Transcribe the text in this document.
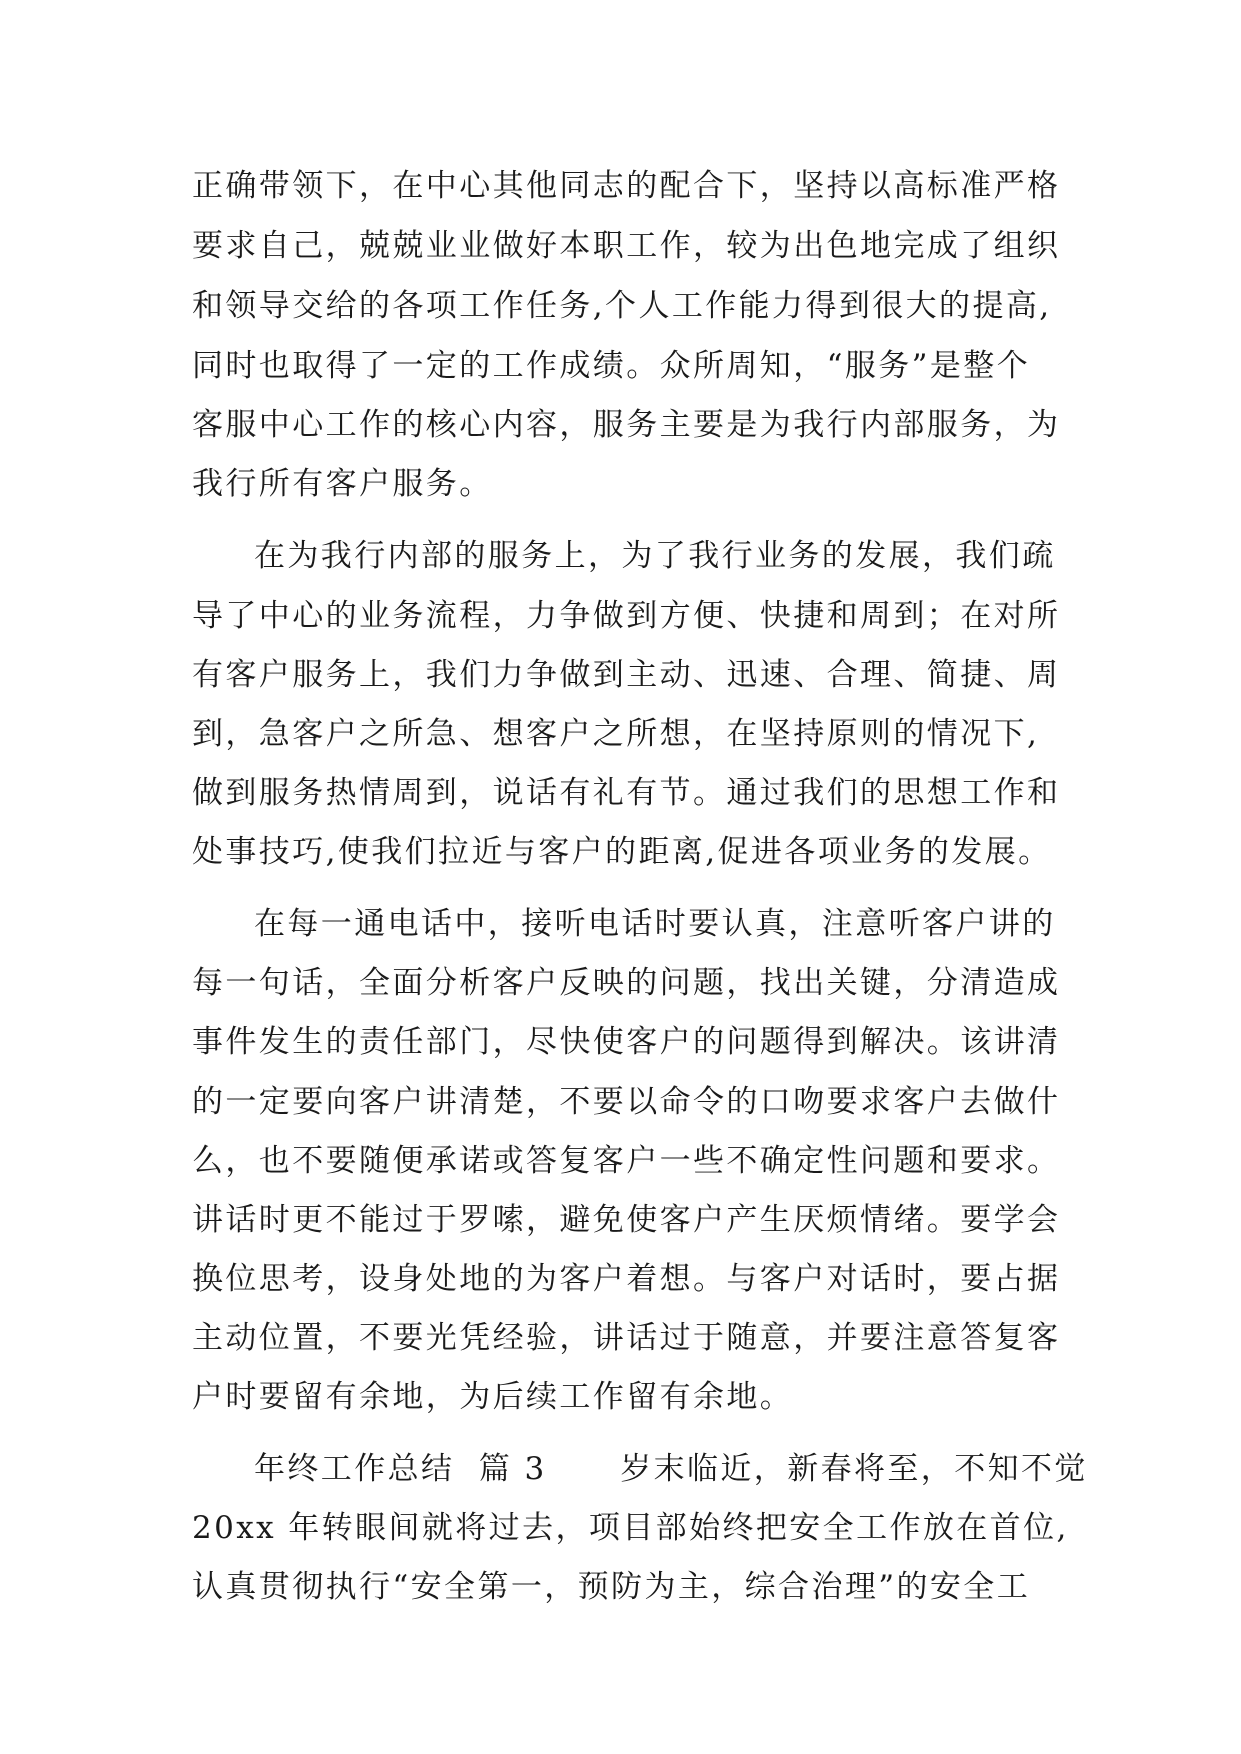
正确带领下，在中心其他同志的配合下，坚持以高标准严格
要求自己，兢兢业业做好本职工作，较为出色地完成了组织
和领导交给的各项工作任务,个人工作能力得到很大的提高,
同时也取得了一定的工作成绩。众所周知，“服务”是整个
客服中心工作的核心内容，服务主要是为我行内部服务，为
我行所有客户服务。
在为我行内部的服务上，为了我行业务的发展，我们疏
导了中心的业务流程，力争做到方便、快捷和周到；在对所
有客户服务上，我们力争做到主动、迅速、合理、简捷、周
到，急客户之所急、想客户之所想，在坚持原则的情况下,
做到服务热情周到，说话有礼有节。通过我们的思想工作和
处事技巧,使我们拉近与客户的距离,促进各项业务的发展。
在每一通电话中，接听电话时要认真，注意听客户讲的
每一句话，全面分析客户反映的问题，找出关键，分清造成
事件发生的责任部门，尽快使客户的问题得到解决。该讲清
的一定要向客户讲清楚，不要以命令的口吻要求客户去做什
么，也不要随便承诺或答复客户一些不确定性问题和要求。
讲话时更不能过于罗嗦，避免使客户产生厌烦情绪。要学会
换位思考，设身处地的为客户着想。与客户对话时，要占据
主动位置，不要光凭经验，讲话过于随意，并要注意答复客
户时要留有余地，为后续工作留有余地。
年终工作总结  篇 3      岁末临近，新春将至，不知不觉
20xx 年转眼间就将过去，项目部始终把安全工作放在首位,
认真贯彻执行“安全第一，预防为主，综合治理”的安全工
